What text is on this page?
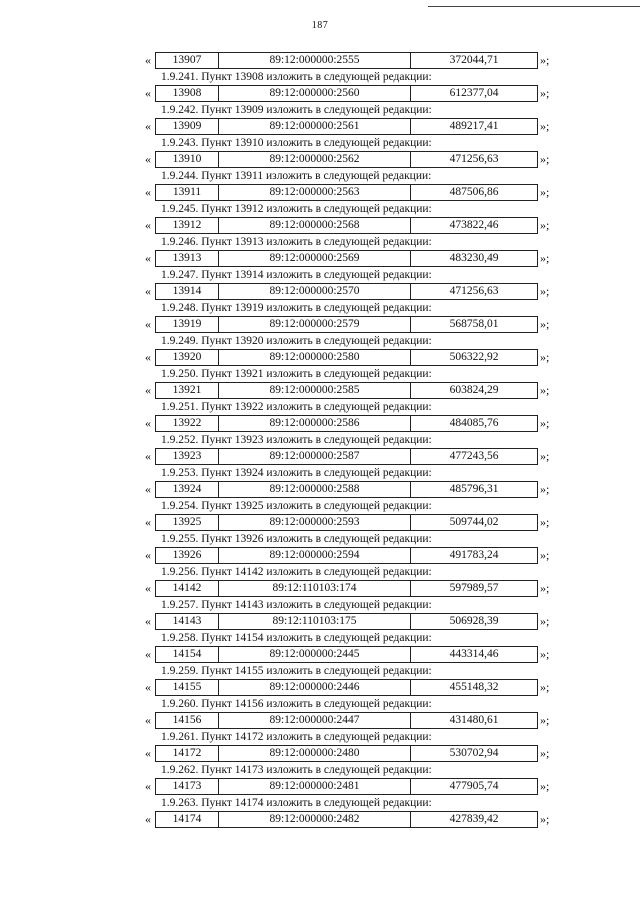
187
«	13907	89:12:000000:2555	372044,71	»;
1.9.241. Пункт 13908 изложить в следующей редакции:
«	13908	89:12:000000:2560	612377,04	»;
1.9.242. Пункт 13909 изложить в следующей редакции:
«	13909	89:12:000000:2561	489217,41	»;
1.9.243. Пункт 13910 изложить в следующей редакции:
«	13910	89:12:000000:2562	471256,63	»;
1.9.244. Пункт 13911 изложить в следующей редакции:
«	13911	89:12:000000:2563	487506,86	»;
1.9.245. Пункт 13912 изложить в следующей редакции:
«	13912	89:12:000000:2568	473822,46	»;
1.9.246. Пункт 13913 изложить в следующей редакции:
«	13913	89:12:000000:2569	483230,49	»;
1.9.247. Пункт 13914 изложить в следующей редакции:
«	13914	89:12:000000:2570	471256,63	»;
1.9.248. Пункт 13919 изложить в следующей редакции:
«	13919	89:12:000000:2579	568758,01	»;
1.9.249. Пункт 13920 изложить в следующей редакции:
«	13920	89:12:000000:2580	506322,92	»;
1.9.250. Пункт 13921 изложить в следующей редакции:
«	13921	89:12:000000:2585	603824,29	»;
1.9.251. Пункт 13922 изложить в следующей редакции:
«	13922	89:12:000000:2586	484085,76	»;
1.9.252. Пункт 13923 изложить в следующей редакции:
«	13923	89:12:000000:2587	477243,56	»;
1.9.253. Пункт 13924 изложить в следующей редакции:
«	13924	89:12:000000:2588	485796,31	»;
1.9.254. Пункт 13925 изложить в следующей редакции:
«	13925	89:12:000000:2593	509744,02	»;
1.9.255. Пункт 13926 изложить в следующей редакции:
«	13926	89:12:000000:2594	491783,24	»;
1.9.256. Пункт 14142 изложить в следующей редакции:
«	14142	89:12:110103:174	597989,57	»;
1.9.257. Пункт 14143 изложить в следующей редакции:
«	14143	89:12:110103:175	506928,39	»;
1.9.258. Пункт 14154 изложить в следующей редакции:
«	14154	89:12:000000:2445	443314,46	»;
1.9.259. Пункт 14155 изложить в следующей редакции:
«	14155	89:12:000000:2446	455148,32	»;
1.9.260. Пункт 14156 изложить в следующей редакции:
«	14156	89:12:000000:2447	431480,61	»;
1.9.261. Пункт 14172 изложить в следующей редакции:
«	14172	89:12:000000:2480	530702,94	»;
1.9.262. Пункт 14173 изложить в следующей редакции:
«	14173	89:12:000000:2481	477905,74	»;
1.9.263. Пункт 14174 изложить в следующей редакции:
«	14174	89:12:000000:2482	427839,42	»;
